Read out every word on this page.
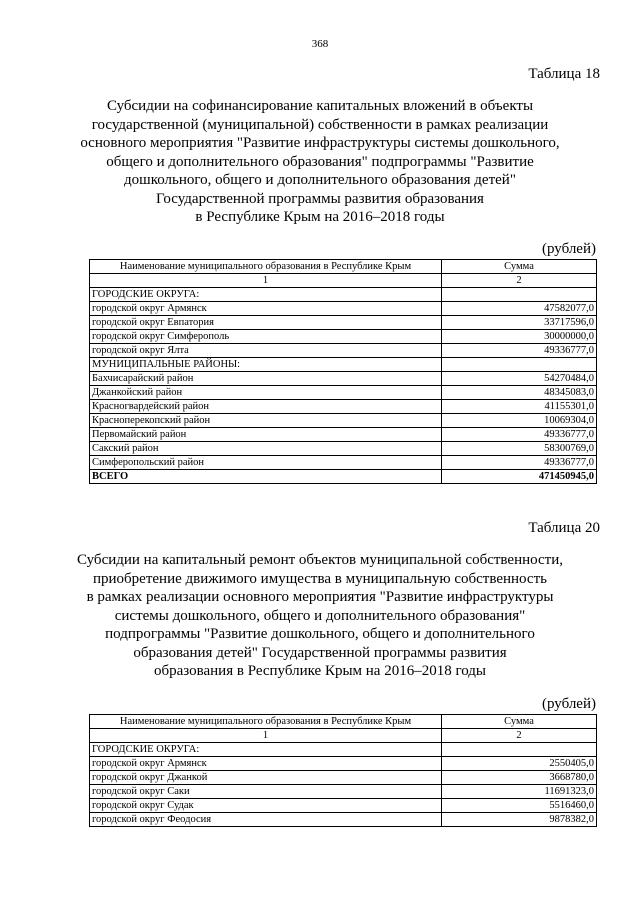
368
Таблица 18
Субсидии на софинансирование капитальных вложений в объекты
государственной (муниципальной) собственности в рамках реализации
основного мероприятия "Развитие инфраструктуры системы дошкольного,
общего и дополнительного образования" подпрограммы "Развитие
дошкольного, общего и дополнительного образования детей"
Государственной программы развития образования
в Республике Крым на 2016–2018 годы
(рублей)
Наименование муниципального образования в Республике Крым	Сумма
1	2
ГОРОДСКИЕ ОКРУГА:	
городской округ Армянск	47582077,0
городской округ Евпатория	33717596,0
городской округ Симферополь	30000000,0
городской округ Ялта	49336777,0
МУНИЦИПАЛЬНЫЕ РАЙОНЫ:	
Бахчисарайский район	54270484,0
Джанкойский район	48345083,0
Красногвардейский район	41155301,0
Красноперекопский район	10069304,0
Первомайский район	49336777,0
Сакский район	58300769,0
Симферопольский район	49336777,0
ВСЕГО	471450945,0
Таблица 20
Субсидии на капитальный ремонт объектов муниципальной собственности,
приобретение движимого имущества в муниципальную собственность
в рамках реализации основного мероприятия "Развитие инфраструктуры
системы дошкольного, общего и дополнительного образования"
подпрограммы "Развитие дошкольного, общего и дополнительного
образования детей" Государственной программы развития
образования в Республике Крым на 2016–2018 годы
(рублей)
Наименование муниципального образования в Республике Крым	Сумма
1	2
ГОРОДСКИЕ ОКРУГА:	
городской округ Армянск	2550405,0
городской округ Джанкой	3668780,0
городской округ Саки	11691323,0
городской округ Судак	5516460,0
городской округ Феодосия	9878382,0
